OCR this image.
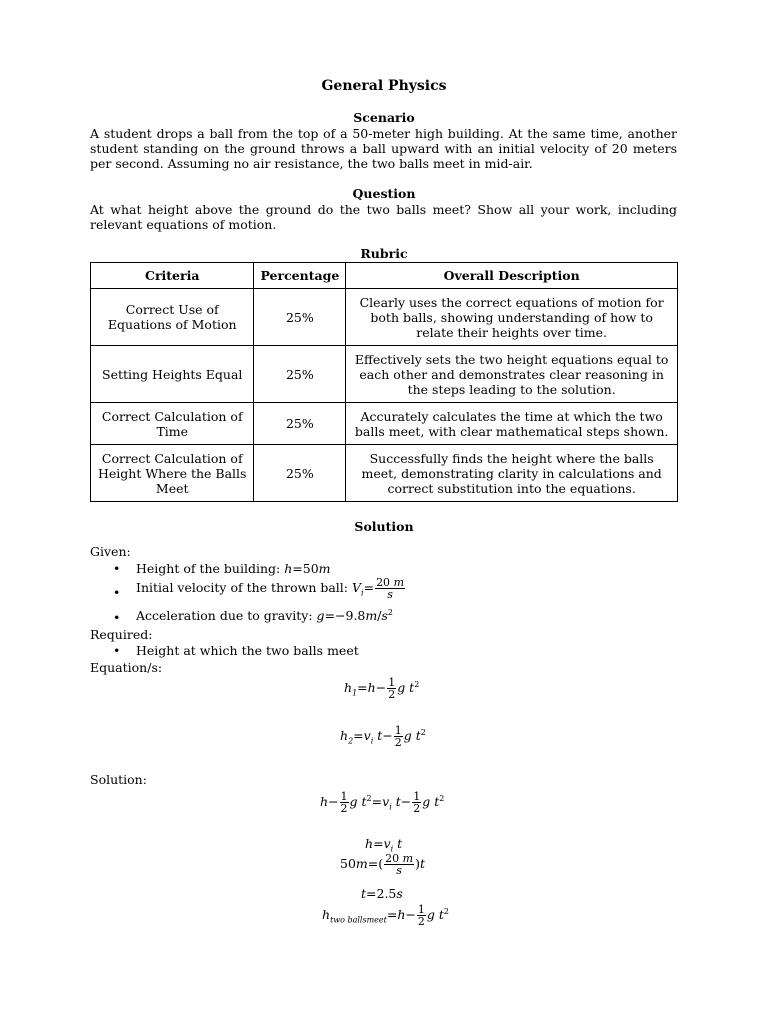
General Physics
Scenario
A student drops a ball from the top of a 50-meter high building. At the same time, another student standing on the ground throws a ball upward with an initial velocity of 20 meters per second. Assuming no air resistance, the two balls meet in mid-air.
Question
At what height above the ground do the two balls meet? Show all your work, including relevant equations of motion.
Rubric
Criteria	Percentage	Overall Description
Correct Use of Equations of Motion	25%	Clearly uses the correct equations of motion for both balls, showing understanding of how to relate their heights over time.
Setting Heights Equal	25%	Effectively sets the two height equations equal to each other and demonstrates clear reasoning in the steps leading to the solution.
Correct Calculation of Time	25%	Accurately calculates the time at which the two balls meet, with clear mathematical steps shown.
Correct Calculation of Height Where the Balls Meet	25%	Successfully finds the height where the balls meet, demonstrating clarity in calculations and correct substitution into the equations.
Solution
Given:
• Height of the building: h=50m
• Initial velocity of the thrown ball: $V_i= \frac{20 m}{s}$
• Acceleration due to gravity: $g=-9.8m/s^2$
Required:
• Height at which the two balls meet
Equation/s:
$h_1=h- \frac{1}{2}$ g $t^2$
$h_2=v_i$ $t- \frac{1}{2}$ g $t^2$
Solution:
$h- \frac{1}{2}$ g $t^2=v_i$ $t- \frac{1}{2}$ g $t^2$
$h=v_i$ t
$50m=( \frac{20 m}{s} )t$
t=2.5s
$h_{two ballsmeet}=h- \frac{1}{2}$ g $t^2$
